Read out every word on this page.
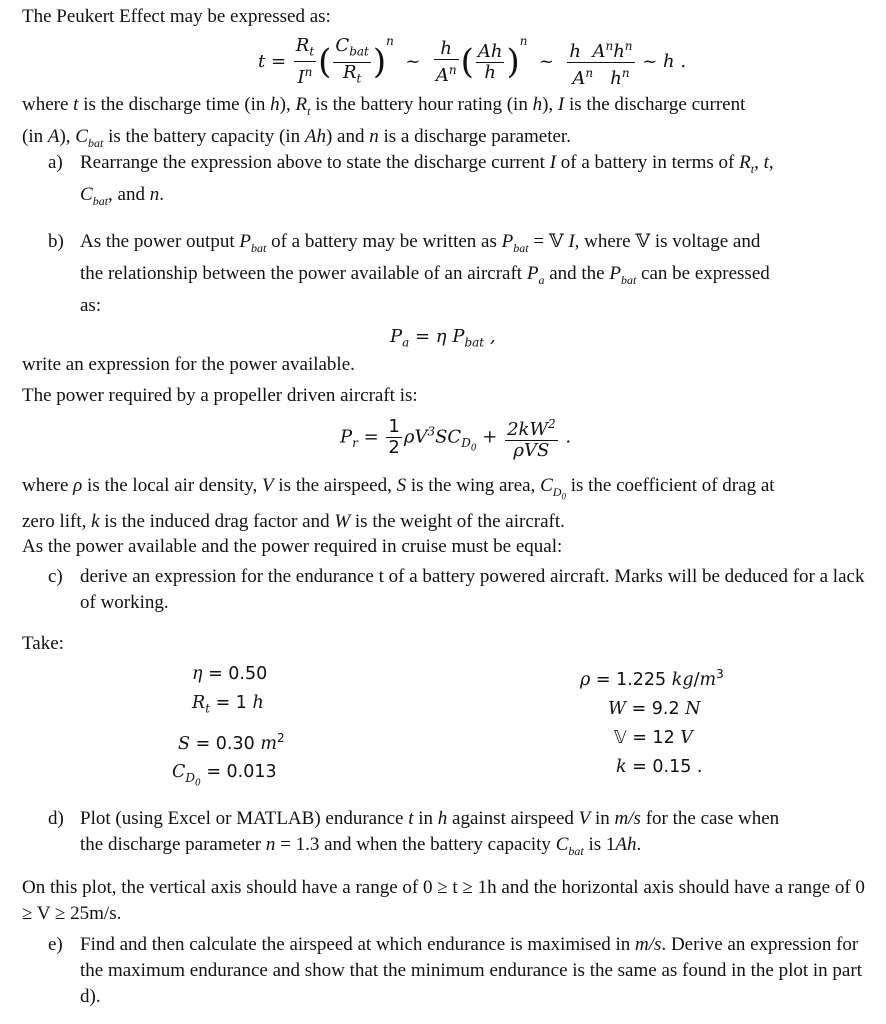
The Peukert Effect may be expressed as:
$t = \frac{R_t}{I^n}$ ( $\frac{C_{bat}}{R_t} )^n$  ~ $\frac{h}{A^n}$ ( $\frac{Ah}{h} )^n$  ~ $\frac{h A^nh^n}{A^n h^n}$ ~ h .
where t is the discharge time (in h), $R_t$ is the battery hour rating (in h), I is the discharge current
(in A), $C_{bat}$ is the battery capacity (in Ah) and n is a discharge parameter.
a) Rearrange the expression above to state the discharge current I of a battery in terms of $R_t$, t,
$C_{bat}$, and n.
b) As the power output $P_{bat}$ of a battery may be written as $P_{bat}$ = 𝕍 I, where 𝕍 is voltage and
the relationship between the power available of an aircraft $P_a$ and the $P_{bat}$ can be expressed
as:
$P_a = \eta$ $P_{bat}$ ,
write an expression for the power available.
The power required by a propeller driven aircraft is:
$P_r = \frac{1}{2} \rho V^3SC_{D_0} + \frac{2kW^2}{\text{ρVS}}$ .
where ρ is the local air density, V is the airspeed, S is the wing area, $C_{D_0}$ is the coefficient of drag at
zero lift, k is the induced drag factor and W is the weight of the aircraft.
As the power available and the power required in cruise must be equal:
c) derive an expression for the endurance t of a battery powered aircraft. Marks will be deduced for a lack of working.
Take:
η = 0.50
$R_t = 1$ h
S = 0.30 $m^2$
$C_{D_0} = 0.013$
ρ = 1.225 $kg/m^3$
W = 9.2 N
𝕍 = 12 V
k = 0.15 .
d) Plot (using Excel or MATLAB) endurance t in h against airspeed V in m/s for the case when
the discharge parameter n = 1.3 and when the battery capacity $C_{bat}$ is 1Ah.
On this plot, the vertical axis should have a range of 0 ≥ t ≥ 1h and the horizontal axis should have a range of 0 ≥ V ≥ 25m/s.
e) Find and then calculate the airspeed at which endurance is maximised in m/s. Derive an expression for the maximum endurance and show that the minimum endurance is the same as found in the plot in part d).
